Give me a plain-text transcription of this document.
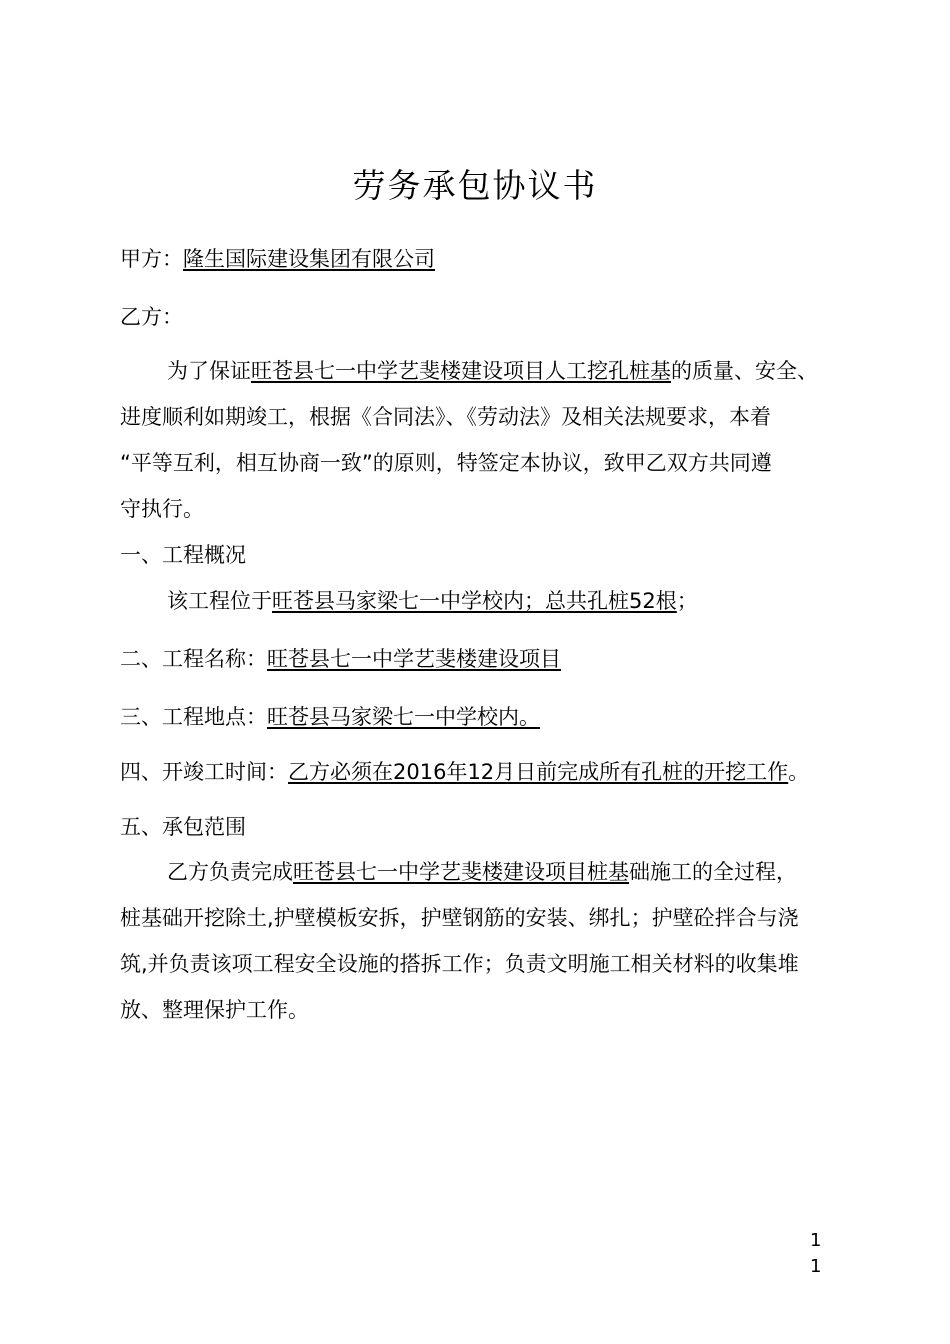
劳务承包协议书
甲方：隆生国际建设集团有限公司
乙方：
为了保证旺苍县七一中学艺斐楼建设项目人工挖孔桩基的质量、安全、
进度顺利如期竣工，根据《合同法》、《劳动法》及相关法规要求，本着
“平等互利，相互协商一致”的原则，特签定本协议，致甲乙双方共同遵
守执行。
一、工程概况
该工程位于旺苍县马家梁七一中学校内；总共孔桩52根；
二、工程名称：旺苍县七一中学艺斐楼建设项目
三、工程地点：旺苍县马家梁七一中学校内。
四、开竣工时间：乙方必须在2016年12月日前完成所有孔桩的开挖工作。
五、承包范围
乙方负责完成旺苍县七一中学艺斐楼建设项目桩基础施工的全过程，
桩基础开挖除土,护壁模板安拆，护壁钢筋的安装、绑扎；护壁砼拌合与浇
筑,并负责该项工程安全设施的搭拆工作；负责文明施工相关材料的收集堆
放、整理保护工作。
1
1
